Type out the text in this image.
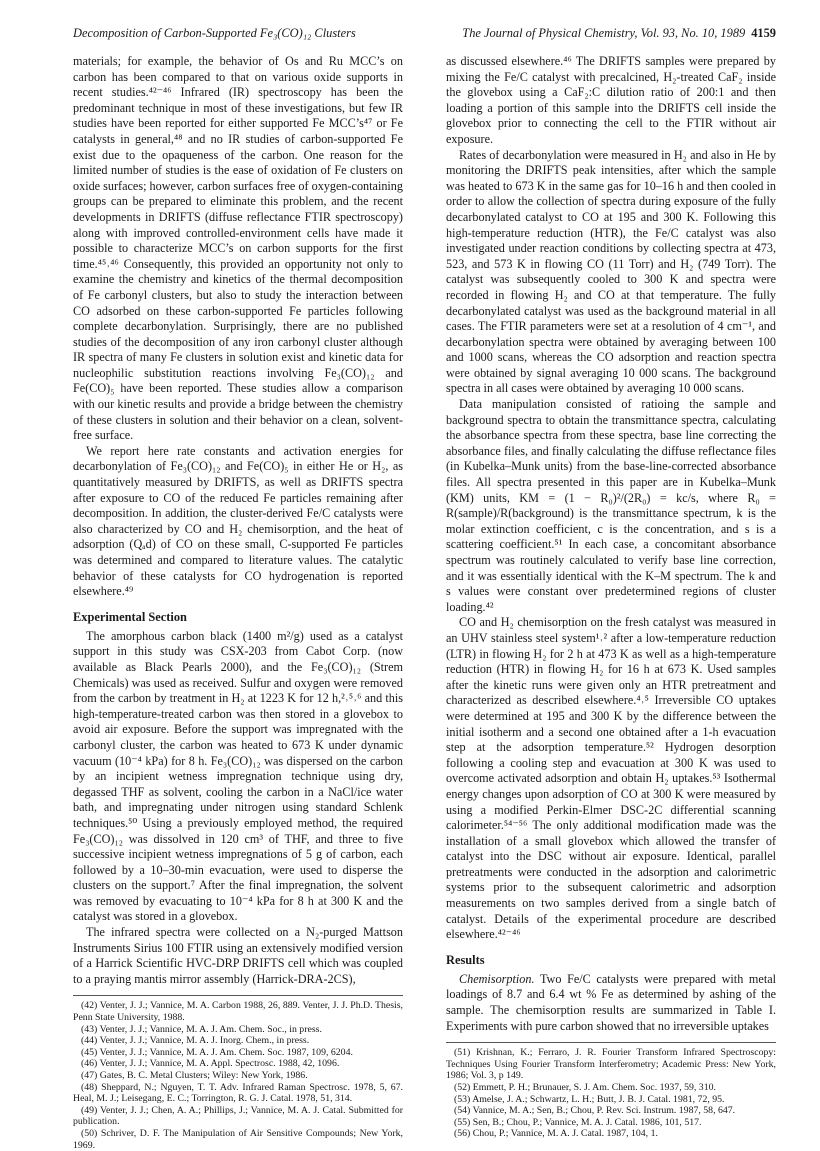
Decomposition of Carbon-Supported Fe₃(CO)₁₂ Clusters	The Journal of Physical Chemistry, Vol. 93, No. 10, 1989 4159

materials; for example, the behavior of Os and Ru MCC’s on carbon has been compared to that on various oxide supports in recent studies.⁴²⁻⁴⁶ Infrared (IR) spectroscopy has been the predominant technique in most of these investigations, but few IR studies have been reported for either supported Fe MCC’s⁴⁷ or Fe catalysts in general,⁴⁸ and no IR studies of carbon-supported Fe exist due to the opaqueness of the carbon. One reason for the limited number of studies is the ease of oxidation of Fe clusters on oxide surfaces; however, carbon surfaces free of oxygen-containing groups can be prepared to eliminate this problem, and the recent developments in DRIFTS (diffuse reflectance FTIR spectroscopy) along with improved controlled-environment cells have made it possible to characterize MCC’s on carbon supports for the first time.⁴⁵˒⁴⁶ Consequently, this provided an opportunity not only to examine the chemistry and kinetics of the thermal decomposition of Fe carbonyl clusters, but also to study the interaction between CO adsorbed on these carbon-supported Fe particles following complete decarbonylation. Surprisingly, there are no published studies of the decomposition of any iron carbonyl cluster although IR spectra of many Fe clusters in solution exist and kinetic data for nucleophilic substitution reactions involving Fe₃(CO)₁₂ and Fe(CO)₅ have been reported. These studies allow a comparison with our kinetic results and provide a bridge between the chemistry of these clusters in solution and their behavior on a clean, solvent-free surface.

We report here rate constants and activation energies for decarbonylation of Fe₃(CO)₁₂ and Fe(CO)₅ in either He or H₂, as quantitatively measured by DRIFTS, as well as DRIFTS spectra after exposure to CO of the reduced Fe particles remaining after decomposition. In addition, the cluster-derived Fe/C catalysts were also characterized by CO and H₂ chemisorption, and the heat of adsorption (Qₐd) of CO on these small, C-supported Fe particles was determined and compared to literature values. The catalytic behavior of these catalysts for CO hydrogenation is reported elsewhere.⁴⁹

Experimental Section

The amorphous carbon black (1400 m²/g) used as a catalyst support in this study was CSX-203 from Cabot Corp. (now available as Black Pearls 2000), and the Fe₃(CO)₁₂ (Strem Chemicals) was used as received. Sulfur and oxygen were removed from the carbon by treatment in H₂ at 1223 K for 12 h,²˒⁵˒⁶ and this high-temperature-treated carbon was then stored in a glovebox to avoid air exposure. Before the support was impregnated with the carbonyl cluster, the carbon was heated to 673 K under dynamic vacuum (10⁻⁴ kPa) for 8 h. Fe₃(CO)₁₂ was dispersed on the carbon by an incipient wetness impregnation technique using dry, degassed THF as solvent, cooling the carbon in a NaCl/ice water bath, and impregnating under nitrogen using standard Schlenk techniques.⁵⁰ Using a previously employed method, the required Fe₃(CO)₁₂ was dissolved in 120 cm³ of THF, and three to five successive incipient wetness impregnations of 5 g of carbon, each followed by a 10–30-min evacuation, were used to disperse the clusters on the support.⁷ After the final impregnation, the solvent was removed by evacuating to 10⁻⁴ kPa for 8 h at 300 K and the catalyst was stored in a glovebox.

The infrared spectra were collected on a N₂-purged Mattson Instruments Sirius 100 FTIR using an extensively modified version of a Harrick Scientific HVC-DRP DRIFTS cell which was coupled to a praying mantis mirror assembly (Harrick-DRA-2CS),

(42) Venter, J. J.; Vannice, M. A. Carbon 1988, 26, 889. Venter, J. J. Ph.D. Thesis, Penn State University, 1988.

(43) Venter, J. J.; Vannice, M. A. J. Am. Chem. Soc., in press.

(44) Venter, J. J.; Vannice, M. A. J. Inorg. Chem., in press.

(45) Venter, J. J.; Vannice, M. A. J. Am. Chem. Soc. 1987, 109, 6204.

(46) Venter, J. J.; Vannice, M. A. Appl. Spectrosc. 1988, 42, 1096.

(47) Gates, B. C. Metal Clusters; Wiley: New York, 1986.

(48) Sheppard, N.; Nguyen, T. T. Adv. Infrared Raman Spectrosc. 1978, 5, 67. Heal, M. J.; Leisegang, E. C.; Torrington, R. G. J. Catal. 1978, 51, 314.

(49) Venter, J. J.; Chen, A. A.; Phillips, J.; Vannice, M. A. J. Catal. Submitted for publication.

(50) Schriver, D. F. The Manipulation of Air Sensitive Compounds; New York, 1969.

as discussed elsewhere.⁴⁶ The DRIFTS samples were prepared by mixing the Fe/C catalyst with precalcined, H₂-treated CaF₂ inside the glovebox using a CaF₂:C dilution ratio of 200:1 and then loading a portion of this sample into the DRIFTS cell inside the glovebox prior to connecting the cell to the FTIR without air exposure.

Rates of decarbonylation were measured in H₂ and also in He by monitoring the DRIFTS peak intensities, after which the sample was heated to 673 K in the same gas for 10–16 h and then cooled in order to allow the collection of spectra during exposure of the fully decarbonylated catalyst to CO at 195 and 300 K. Following this high-temperature reduction (HTR), the Fe/C catalyst was also investigated under reaction conditions by collecting spectra at 473, 523, and 573 K in flowing CO (11 Torr) and H₂ (749 Torr). The catalyst was subsequently cooled to 300 K and spectra were recorded in flowing H₂ and CO at that temperature. The fully decarbonylated catalyst was used as the background material in all cases. The FTIR parameters were set at a resolution of 4 cm⁻¹, and decarbonylation spectra were obtained by averaging between 100 and 1000 scans, whereas the CO adsorption and reaction spectra were obtained by signal averaging 10 000 scans. The background spectra in all cases were obtained by averaging 10 000 scans.

Data manipulation consisted of ratioing the sample and background spectra to obtain the transmittance spectra, calculating the absorbance spectra from these spectra, base line correcting the absorbance files, and finally calculating the diffuse reflectance files (in Kubelka–Munk units) from the base-line-corrected absorbance files. All spectra presented in this paper are in Kubelka–Munk (KM) units, KM = (1 − R₀)²/(2R₀) = kc/s, where R₀ = R(sample)/R(background) is the transmittance spectrum, k is the molar extinction coefficient, c is the concentration, and s is a scattering coefficient.⁵¹ In each case, a concomitant absorbance spectrum was routinely calculated to verify base line correction, and it was essentially identical with the K–M spectrum. The k and s values were constant over predetermined regions of cluster loading.⁴²

CO and H₂ chemisorption on the fresh catalyst was measured in an UHV stainless steel system¹˒² after a low-temperature reduction (LTR) in flowing H₂ for 2 h at 473 K as well as a high-temperature reduction (HTR) in flowing H₂ for 16 h at 673 K. Used samples after the kinetic runs were given only an HTR pretreatment and characterized as described elsewhere.⁴˒⁵ Irreversible CO uptakes were determined at 195 and 300 K by the difference between the initial isotherm and a second one obtained after a 1-h evacuation step at the adsorption temperature.⁵² Hydrogen desorption following a cooling step and evacuation at 300 K was used to overcome activated adsorption and obtain H₂ uptakes.⁵³ Isothermal energy changes upon adsorption of CO at 300 K were measured by using a modified Perkin-Elmer DSC-2C differential scanning calorimeter.⁵⁴⁻⁵⁶ The only additional modification made was the installation of a small glovebox which allowed the transfer of catalyst into the DSC without air exposure. Identical, parallel pretreatments were conducted in the adsorption and calorimetric systems prior to the subsequent calorimetric and adsorption measurements on two samples derived from a single batch of catalyst. Details of the experimental procedure are described elsewhere.⁴²⁻⁴⁶

Results

Chemisorption. Two Fe/C catalysts were prepared with metal loadings of 8.7 and 6.4 wt % Fe as determined by ashing of the sample. The chemisorption results are summarized in Table I. Experiments with pure carbon showed that no irreversible uptakes

(51) Krishnan, K.; Ferraro, J. R. Fourier Transform Infrared Spectroscopy: Techniques Using Fourier Transform Interferometry; Academic Press: New York, 1986; Vol. 3, p 149.

(52) Emmett, P. H.; Brunauer, S. J. Am. Chem. Soc. 1937, 59, 310.

(53) Amelse, J. A.; Schwartz, L. H.; Butt, J. B. J. Catal. 1981, 72, 95.

(54) Vannice, M. A.; Sen, B.; Chou, P. Rev. Sci. Instrum. 1987, 58, 647.

(55) Sen, B.; Chou, P.; Vannice, M. A. J. Catal. 1986, 101, 517.

(56) Chou, P.; Vannice, M. A. J. Catal. 1987, 104, 1.
